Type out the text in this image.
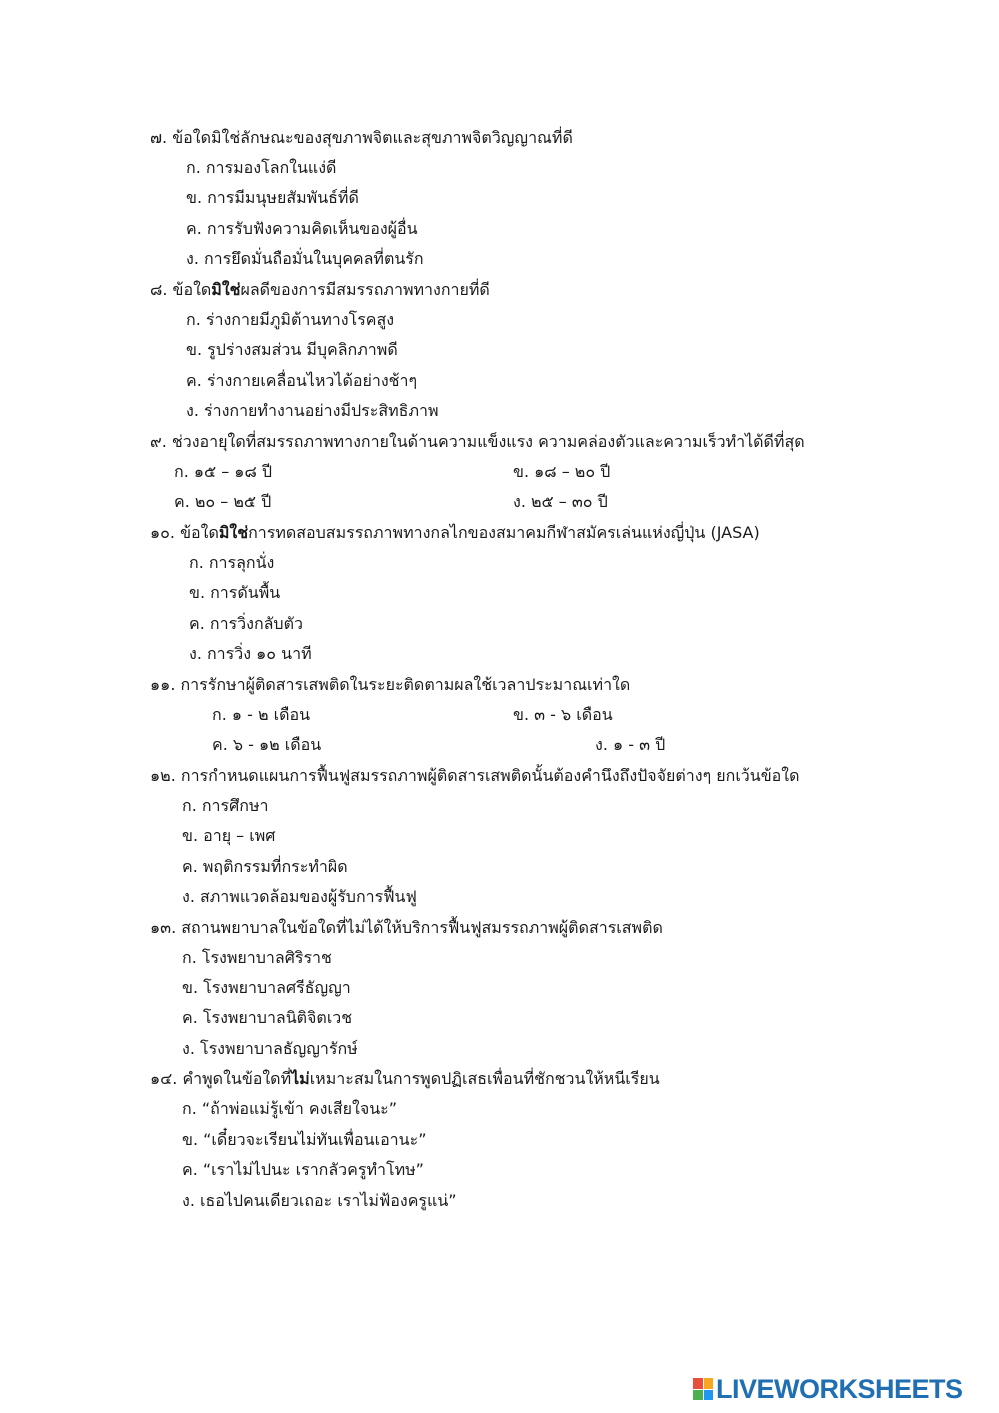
๗. ข้อใดมิใช่ลักษณะของสุขภาพจิตและสุขภาพจิตวิญญาณที่ดี
ก. การมองโลกในแง่ดี
ข. การมีมนุษยสัมพันธ์ที่ดี
ค. การรับฟังความคิดเห็นของผู้อื่น
ง. การยึดมั่นถือมั่นในบุคคลที่ตนรัก
๘. ข้อใดมิใช่ผลดีของการมีสมรรถภาพทางกายที่ดี
ก. ร่างกายมีภูมิต้านทางโรคสูง
ข. รูปร่างสมส่วน มีบุคลิกภาพดี
ค. ร่างกายเคลื่อนไหวได้อย่างช้าๆ
ง. ร่างกายทำงานอย่างมีประสิทธิภาพ
๙. ช่วงอายุใดที่สมรรถภาพทางกายในด้านความแข็งแรง ความคล่องตัวและความเร็วทำได้ดีที่สุด
ก. ๑๕ – ๑๘ ปี	ข. ๑๘ – ๒๐ ปี
ค. ๒๐ – ๒๕ ปี	ง. ๒๕ – ๓๐ ปี
๑๐. ข้อใดมิใช่การทดสอบสมรรถภาพทางกลไกของสมาคมกีฬาสมัครเล่นแห่งญี่ปุ่น (JASA)
ก. การลุกนั่ง
ข. การดันพื้น
ค. การวิ่งกลับตัว
ง. การวิ่ง ๑๐ นาที
๑๑. การรักษาผู้ติดสารเสพติดในระยะติดตามผลใช้เวลาประมาณเท่าใด
ก. ๑ - ๒ เดือน	ข. ๓ - ๖ เดือน
ค. ๖ - ๑๒ เดือน	ง. ๑ - ๓ ปี
๑๒. การกำหนดแผนการฟื้นฟูสมรรถภาพผู้ติดสารเสพติดนั้นต้องคำนึงถึงปัจจัยต่างๆ ยกเว้นข้อใด
ก. การศึกษา
ข. อายุ – เพศ
ค. พฤติกรรมที่กระทำผิด
ง. สภาพแวดล้อมของผู้รับการฟื้นฟู
๑๓. สถานพยาบาลในข้อใดที่ไม่ได้ให้บริการฟื้นฟูสมรรถภาพผู้ติดสารเสพติด
ก. โรงพยาบาลศิริราช
ข. โรงพยาบาลศรีธัญญา
ค. โรงพยาบาลนิติจิตเวช
ง. โรงพยาบาลธัญญารักษ์
๑๔. คำพูดในข้อใดที่ไม่เหมาะสมในการพูดปฏิเสธเพื่อนที่ชักชวนให้หนีเรียน
ก. “ถ้าพ่อแม่รู้เข้า คงเสียใจนะ”
ข. “เดี๋ยวจะเรียนไม่ทันเพื่อนเอานะ”
ค. “เราไม่ไปนะ เรากลัวครูทำโทษ”
ง. เธอไปคนเดียวเถอะ เราไม่ฟ้องครูแน่”
LIVEWORKSHEETS
